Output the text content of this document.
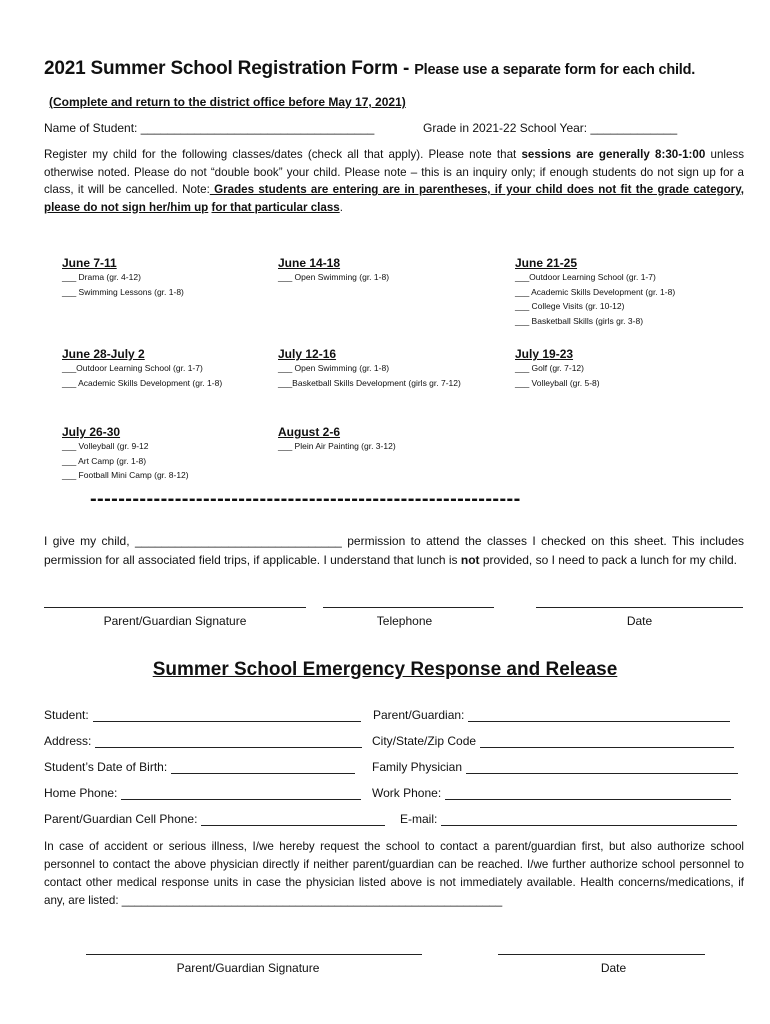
2021 Summer School Registration Form - Please use a separate form for each child.
(Complete and return to the district office before May 17, 2021)
Name of Student: ___________________________________	Grade in 2021-22 School Year: _____________
Register my child for the following classes/dates (check all that apply). Please note that sessions are generally 8:30-1:00 unless otherwise noted. Please do not “double book” your child. Please note – this is an inquiry only; if enough students do not sign up for a class, it will be cancelled. Note: Grades students are entering are in parentheses, if your child does not fit the grade category, please do not sign her/him up for that particular class.
June 7-11
___ Drama (gr. 4-12)
___ Swimming Lessons (gr. 1-8)
June 14-18
___ Open Swimming (gr. 1-8)
June 21-25
___Outdoor Learning School (gr. 1-7)
___ Academic Skills Development (gr. 1-8)
___ College Visits (gr. 10-12)
___ Basketball Skills (girls gr. 3-8)
June 28-July 2
___Outdoor Learning School (gr. 1-7)
___ Academic Skills Development (gr. 1-8)
July 12-16
___ Open Swimming (gr. 1-8)
___Basketball Skills Development (girls gr. 7-12)
July 19-23
___ Golf (gr. 7-12)
___ Volleyball (gr. 5-8)
July 26-30
___ Volleyball (gr. 9-12
___ Art Camp (gr. 1-8)
___ Football Mini Camp (gr. 8-12)
August 2-6
___ Plein Air Painting (gr. 3-12)
-------------------------------------------------------------
I give my child, _______________________________ permission to attend the classes I checked on this sheet. This includes permission for all associated field trips, if applicable. I understand that lunch is not provided, so I need to pack a lunch for my child.
Parent/Guardian Signature	Telephone	Date
Summer School Emergency Response and Release
Student:	Parent/Guardian:
Address:	City/State/Zip Code
Student’s Date of Birth:	Family Physician
Home Phone:	Work Phone:
Parent/Guardian Cell Phone:	E-mail:
In case of accident or serious illness, I/we hereby request the school to contact a parent/guardian first, but also authorize school personnel to contact the above physician directly if neither parent/guardian can be reached. I/we further authorize school personnel to contact other medical response units in case the physician listed above is not immediately available. Health concerns/medications, if any, are listed: ___________________________________________________________
Parent/Guardian Signature	Date
